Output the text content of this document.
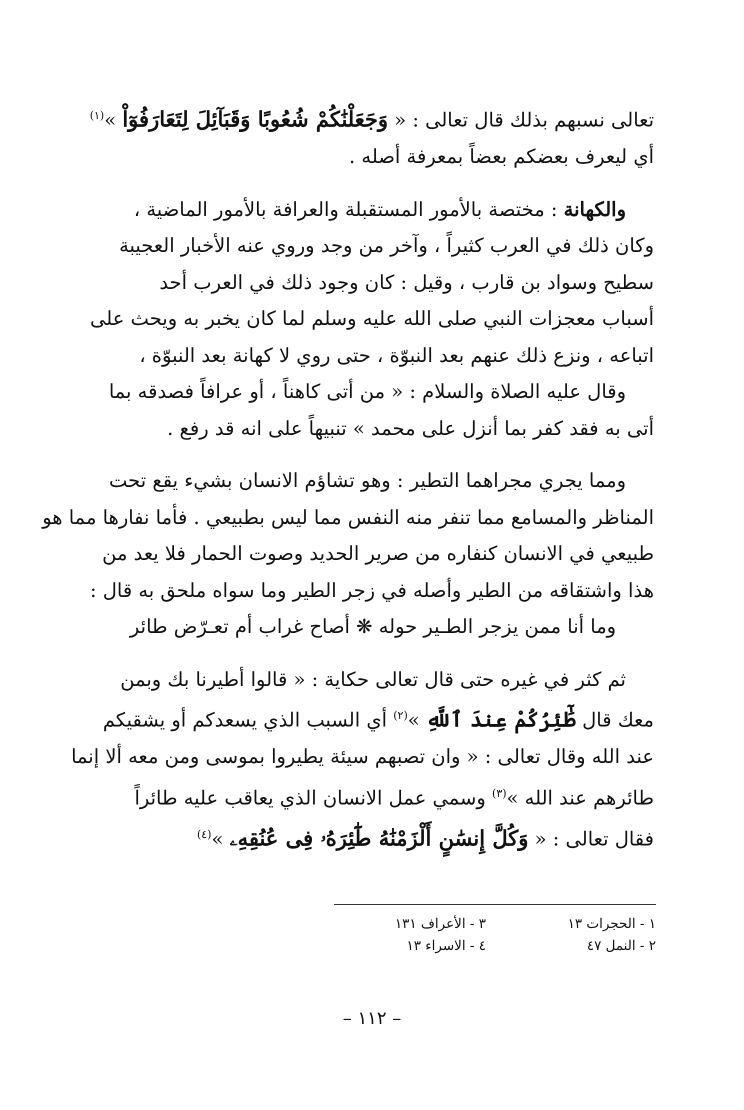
تعالى نسبهم بذلك قال تعالى : « وَجَعَلْنَٰكُمْ شُعُوبًا وَقَبَآئِلَ لِتَعَارَفُوٓاْ »$^{(١)}$
أي ليعرف بعضكم بعضاً بمعرفة أصله .

والكهانة : مختصة بالأمور المستقبلة والعرافة بالأمور الماضية ،
وكان ذلك في العرب كثيراً ، وآخر من وجد وروي عنه الأخبار العجيبة
سطيح وسواد بن قارب ، وقيل : كان وجود ذلك في العرب أحد
أسباب معجزات النبي صلى الله عليه وسلم لما كان يخبر به ويحث على
اتباعه ، ونزع ذلك عنهم بعد النبوّة ، حتى روي لا كهانة بعد النبوّة ،
وقال عليه الصلاة والسلام : « من أتى كاهناً ، أو عرافاً فصدقه بما
أتى به فقد كفر بما أنزل على محمد » تنبيهاً على انه قد رفع .

ومما يجري مجراهما التطير : وهو تشاؤم الانسان بشيء يقع تحت
المناظر والمسامع مما تنفر منه النفس مما ليس بطبيعي . فأما نفارها مما هو
طبيعي في الانسان كنفاره من صرير الحديد وصوت الحمار فلا يعد من
هذا واشتقاقه من الطير وأصله في زجر الطير وما سواه ملحق به قال :
وما أنا ممن يزجر الطـير حوله ❋ أصاح غراب أم تعـرّض طائر

ثم كثر في غيره حتى قال تعالى حكاية : « قالوا أطيرنا بك وبمن
معك قال طَٰٓئِرُكُمْ عِندَ ٱللَّهِ »$^{(٢)}$ أي السبب الذي يسعدكم أو يشقيكم
عند الله وقال تعالى : « وان تصبهم سيئة يطيروا بموسى ومن معه ألا إنما
طائرهم عند الله »$^{(٣)}$ وسمي عمل الانسان الذي يعاقب عليه طائراً
فقال تعالى : « وَكُلَّ إِنسَٰنٍ أَلْزَمْنَٰهُ طَٰٓئِرَهُۥ فِى عُنُقِهِۦ »$^{(٤)}$

١ - الحجرات ١٣
٣ - الأعراف ١٣١
٢ - النمل ٤٧
٤ - الاسراء ١٣
– ١١٢ –
